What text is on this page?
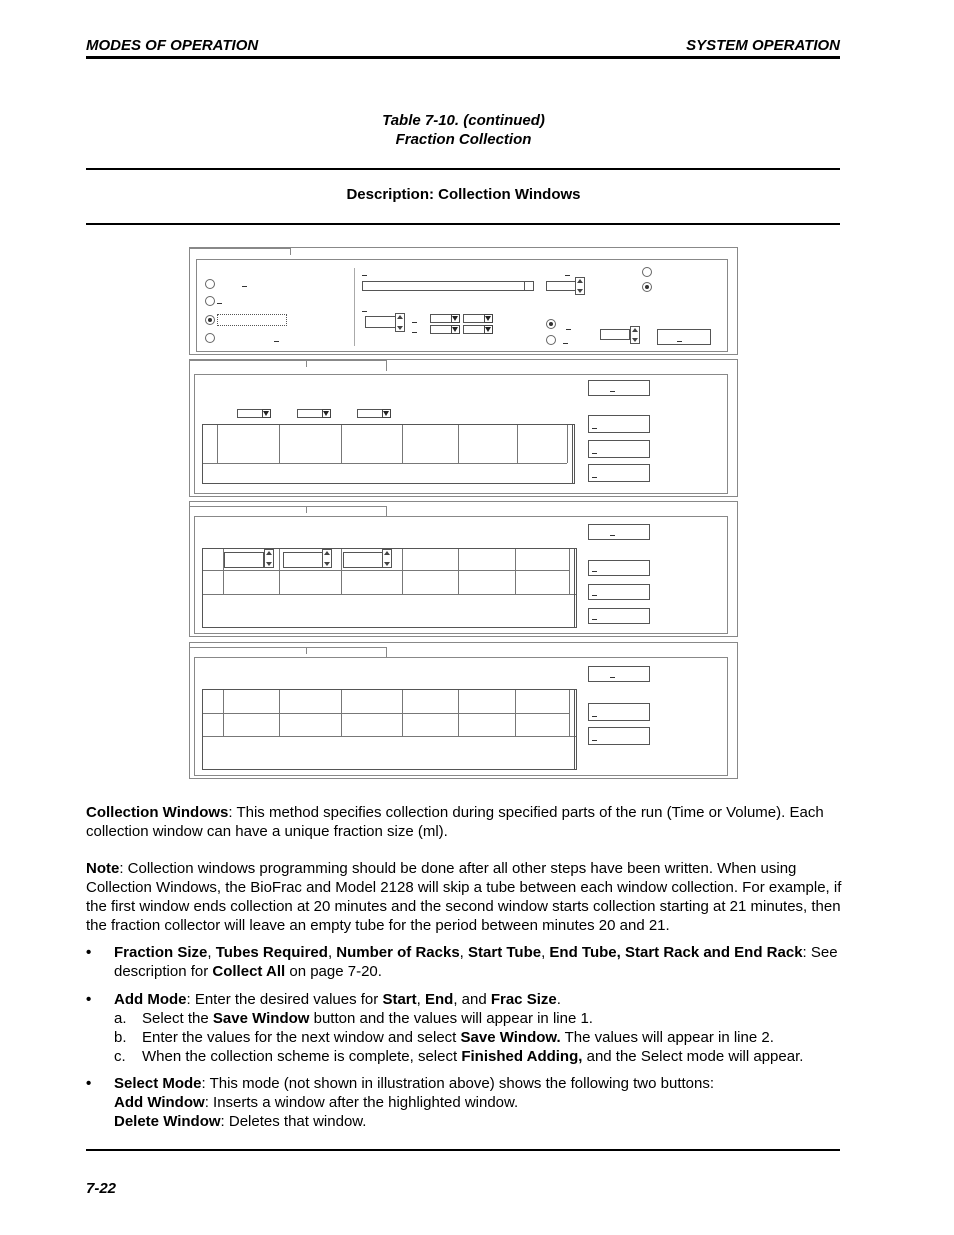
MODES OF OPERATION	SYSTEM OPERATION
Table 7-10. (continued)
Fraction Collection
Description: Collection Windows
Collection Windows: This method specifies collection during specified parts of the run (Time or Volume). Each collection window can have a unique fraction size (ml).
Note: Collection windows programming should be done after all other steps have been written. When using Collection Windows, the BioFrac and Model 2128 will skip a tube between each window collection. For example, if the first window ends collection at 20 minutes and the second window starts collection starting at 21 minutes, then the fraction collector will leave an empty tube for the period between minutes 20 and 21.
• Fraction Size, Tubes Required, Number of Racks, Start Tube, End Tube, Start Rack and End Rack: See description for Collect All on page 7-20.
• Add Mode: Enter the desired values for Start, End, and Frac Size.
a. Select the Save Window button and the values will appear in line 1.
b. Enter the values for the next window and select Save Window. The values will appear in line 2.
c. When the collection scheme is complete, select Finished Adding, and the Select mode will appear.
• Select Mode: This mode (not shown in illustration above) shows the following two buttons:
Add Window: Inserts a window after the highlighted window.
Delete Window: Deletes that window.
7-22
